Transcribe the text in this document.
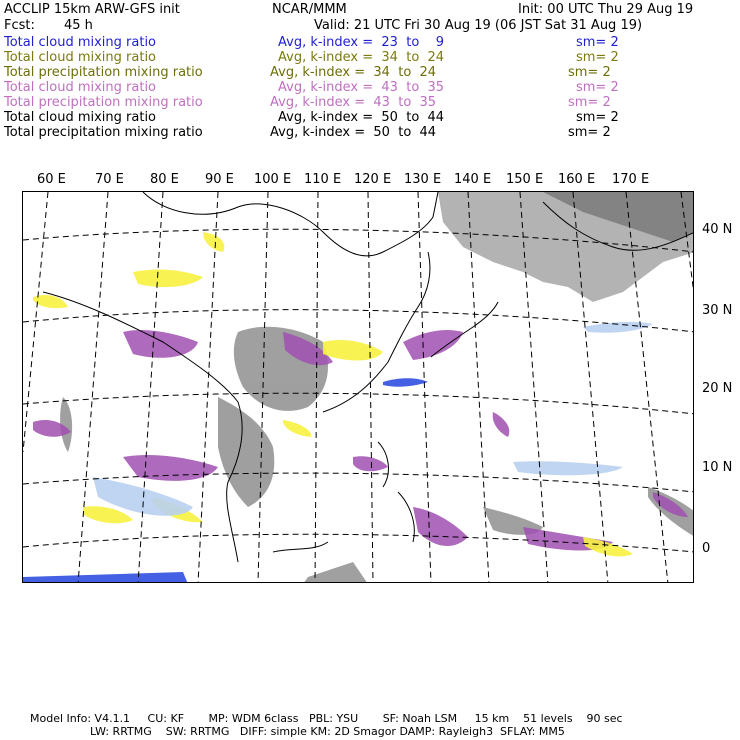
ACCLIP 15km ARW-GFS init	NCAR/MMM	Init: 00 UTC Thu 29 Aug 19
Fcst: 45 h	Valid: 21 UTC Fri 30 Aug 19 (06 JST Sat 31 Aug 19)
Total cloud mixing ratio	Avg, k-index =  23  to    9	sm= 2
Total cloud mixing ratio	Avg, k-index =  34  to  24	sm= 2
Total precipitation mixing ratio	Avg, k-index =  34  to  24	sm= 2
Total cloud mixing ratio	Avg, k-index =  43  to  35	sm= 2
Total precipitation mixing ratio	Avg, k-index =  43  to  35	sm= 2
Total cloud mixing ratio	Avg, k-index =  50  to  44	sm= 2
Total precipitation mixing ratio	Avg, k-index =  50  to  44	sm= 2
60 E 70 E 80 E 90 E 100 E 110 E 120 E 130 E 140 E 150 E 160 E 170 E
40 N
30 N
20 N
10 N
0
Model Info: V4.1.1     CU: KF       MP: WDM 6class   PBL: YSU       SF: Noah LSM     15 km    51 levels    90 sec
LW: RRTMG    SW: RRTMG   DIFF: simple KM: 2D Smagor DAMP: Rayleigh3  SFLAY: MM5
